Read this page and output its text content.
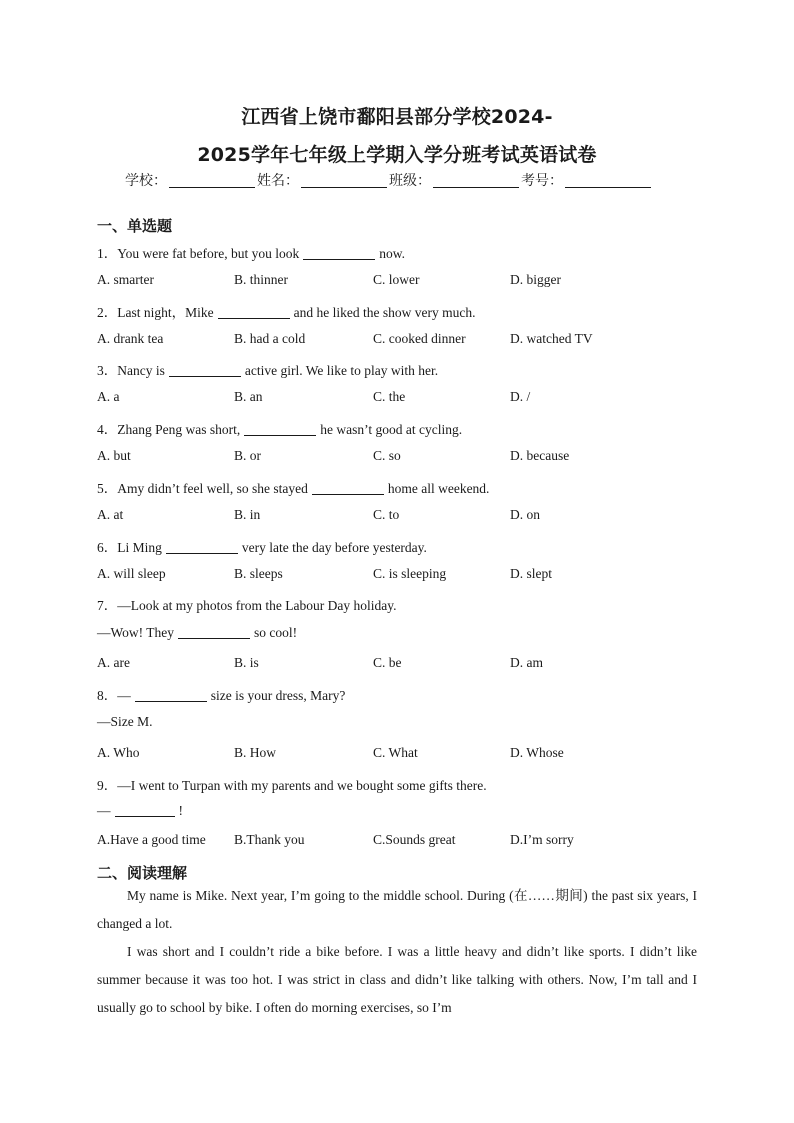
江西省上饶市鄱阳县部分学校2024-
2025学年七年级上学期入学分班考试英语试卷
学校：	姓名：	班级：	考号：
一、单选题
1．You were fat before, but you look	now.
A. smarter	B. thinner	C. lower	D. bigger
2．Last night，Mike	and he liked the show very much.
A. drank tea	B. had a cold	C. cooked dinner	D. watched TV
3．Nancy is	active girl. We like to play with her.
A. a	B. an	C. the	D. /
4．Zhang Peng was short,	he wasn’t good at cycling.
A. but	B. or	C. so	D. because
5．Amy didn’t feel well, so she stayed	home all weekend.
A. at	B. in	C. to	D. on
6．Li Ming	very late the day before yesterday.
A. will sleep	B. sleeps	C. is sleeping	D. slept
7．—Look at my photos from the Labour Day holiday.
—Wow! They	so cool!
A. are	B. is	C. be	D. am
8．—	size is your dress, Mary?
—Size M.
A. Who	B. How	C. What	D. Whose
9．—I went to Turpan with my parents and we bought some gifts there.
—	!
A.Have a good time B.Thank you	C.Sounds great	D.I’m sorry
二、阅读理解
My name is Mike. Next year, I’m going to the middle school. During (在……期间) the past six years, I changed a lot.
I was short and I couldn’t ride a bike before. I was a little heavy and didn’t like sports. I didn’t like summer because it was too hot. I was strict in class and didn’t like talking with others. Now, I’m tall and I usually go to school by bike. I often do morning exercises, so I’m
